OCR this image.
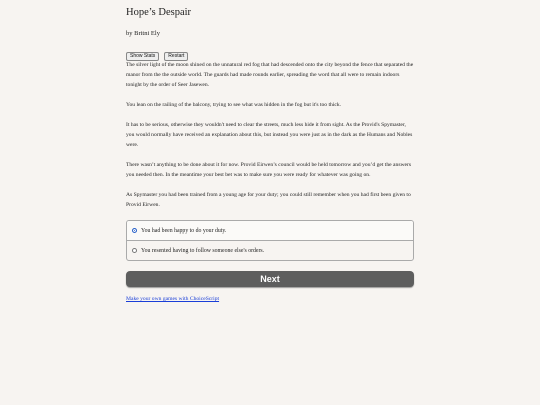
Hope’s Despair
by Britni Ely
Show Stats	Restart

The silver light of the moon shined on the unnatural red fog that had descended onto the city beyond the fence that separated the manor from the the outside world. The guards had made rounds earlier, spreading the word that all were to remain indoors tonight by the order of Seer Jasewen.

You lean on the railing of the balcony, trying to see what was hidden in the fog but it's too thick.

It has to be serious, otherwise they wouldn't need to clear the streets, much less hide it from sight. As the Provid's Spymaster, you would normally have received an explanation about this, but instead you were just as in the dark as the Humans and Nobles were.

There wasn’t anything to be done about it for now. Provid Eirwen’s council would be held tomorrow and you’d get the answers you needed then. In the meantime your best bet was to make sure you were ready for whatever was going on.

As Spymaster you had been trained from a young age for your duty; you could still remember when you had first been given to Provid Eirwen.

You had been happy to do your duty.
You resented having to follow someone else's orders.
Next
Make your own games with ChoiceScript
